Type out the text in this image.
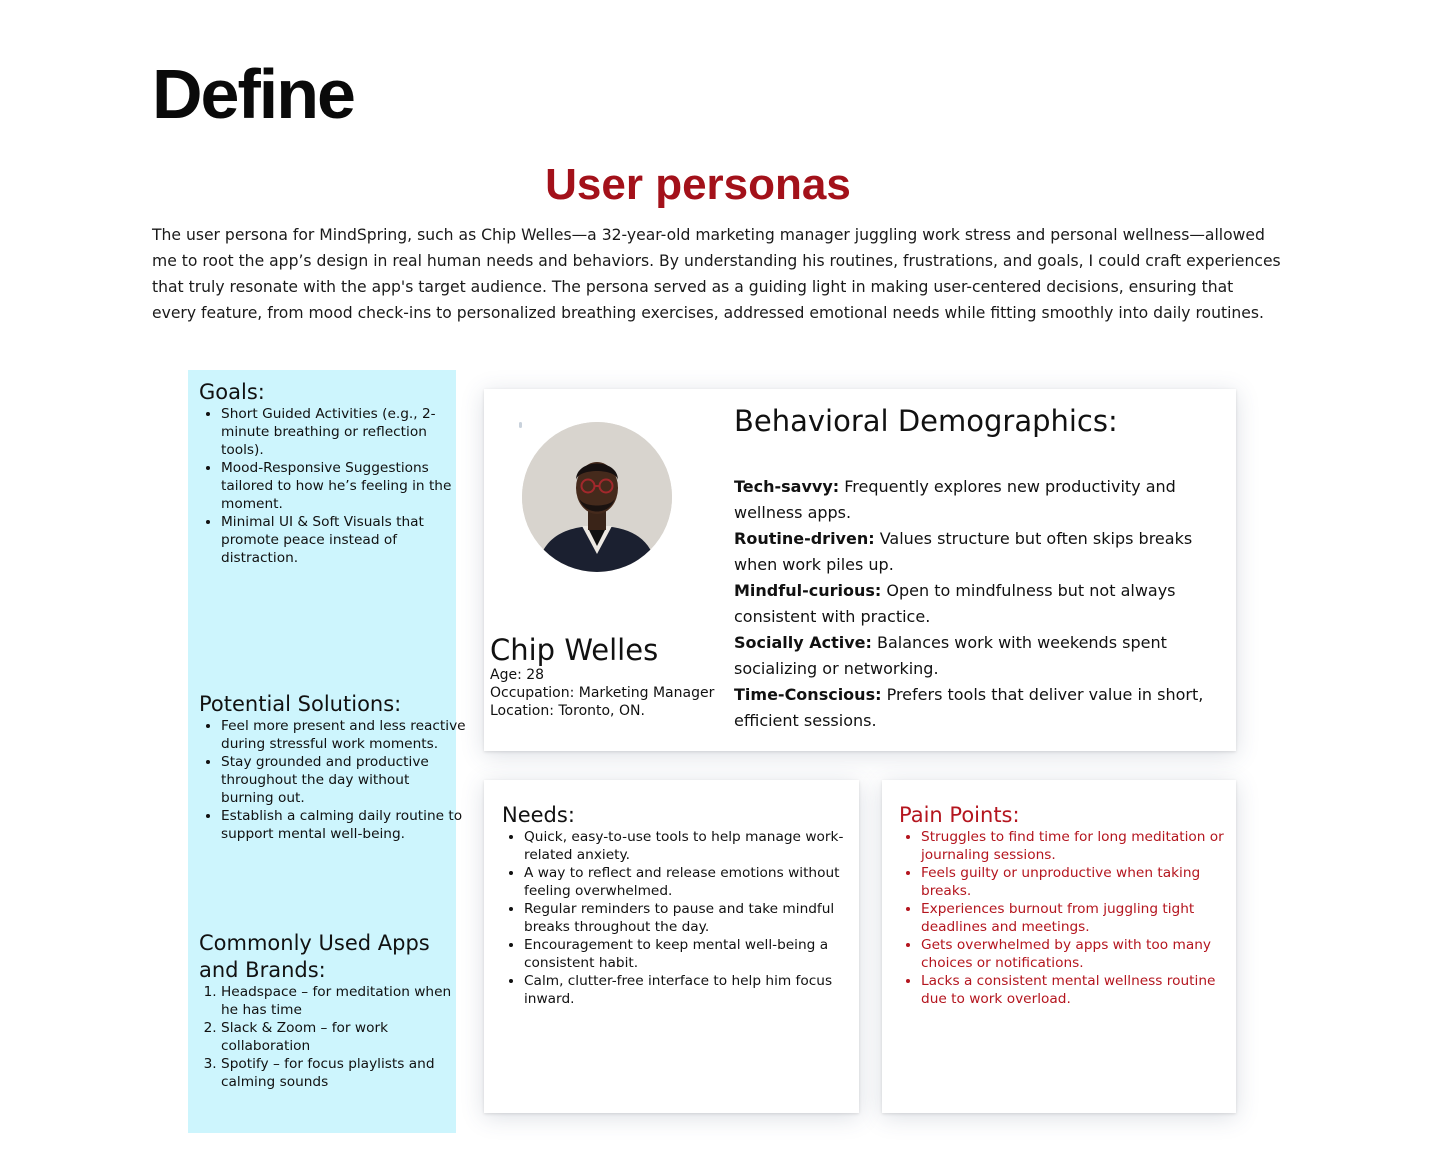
Define
User personas

The user persona for MindSpring, such as Chip Welles—a 32-year-old marketing manager juggling work stress and personal wellness—allowed me to root the app’s design in real human needs and behaviors. By understanding his routines, frustrations, and goals, I could craft experiences that truly resonate with the app's target audience. The persona served as a guiding light in making user-centered decisions, ensuring that every feature, from mood check-ins to personalized breathing exercises, addressed emotional needs while fitting smoothly into daily routines.

Goals:
• Short Guided Activities (e.g., 2-minute breathing or reflection tools).
• Mood-Responsive Suggestions tailored to how he’s feeling in the moment.
• Minimal UI & Soft Visuals that promote peace instead of distraction.
Potential Solutions:
• Feel more present and less reactive during stressful work moments.
• Stay grounded and productive throughout the day without burning out.
• Establish a calming daily routine to support mental well-being.
Commonly Used Apps and Brands:
1. Headspace – for meditation when he has time
2. Slack & Zoom – for work collaboration
3. Spotify – for focus playlists and calming sounds
Chip Welles
Age: 28
Occupation: Marketing Manager
Location: Toronto, ON.
Behavioral Demographics:

Tech-savvy: Frequently explores new productivity and wellness apps.

Routine-driven: Values structure but often skips breaks when work piles up.

Mindful-curious: Open to mindfulness but not always consistent with practice.

Socially Active: Balances work with weekends spent socializing or networking.

Time-Conscious: Prefers tools that deliver value in short, efficient sessions.

Needs:
• Quick, easy-to-use tools to help manage work-related anxiety.
• A way to reflect and release emotions without feeling overwhelmed.
• Regular reminders to pause and take mindful breaks throughout the day.
• Encouragement to keep mental well-being a consistent habit.
• Calm, clutter-free interface to help him focus inward.
Pain Points:
• Struggles to find time for long meditation or journaling sessions.
• Feels guilty or unproductive when taking breaks.
• Experiences burnout from juggling tight deadlines and meetings.
• Gets overwhelmed by apps with too many choices or notifications.
• Lacks a consistent mental wellness routine due to work overload.
